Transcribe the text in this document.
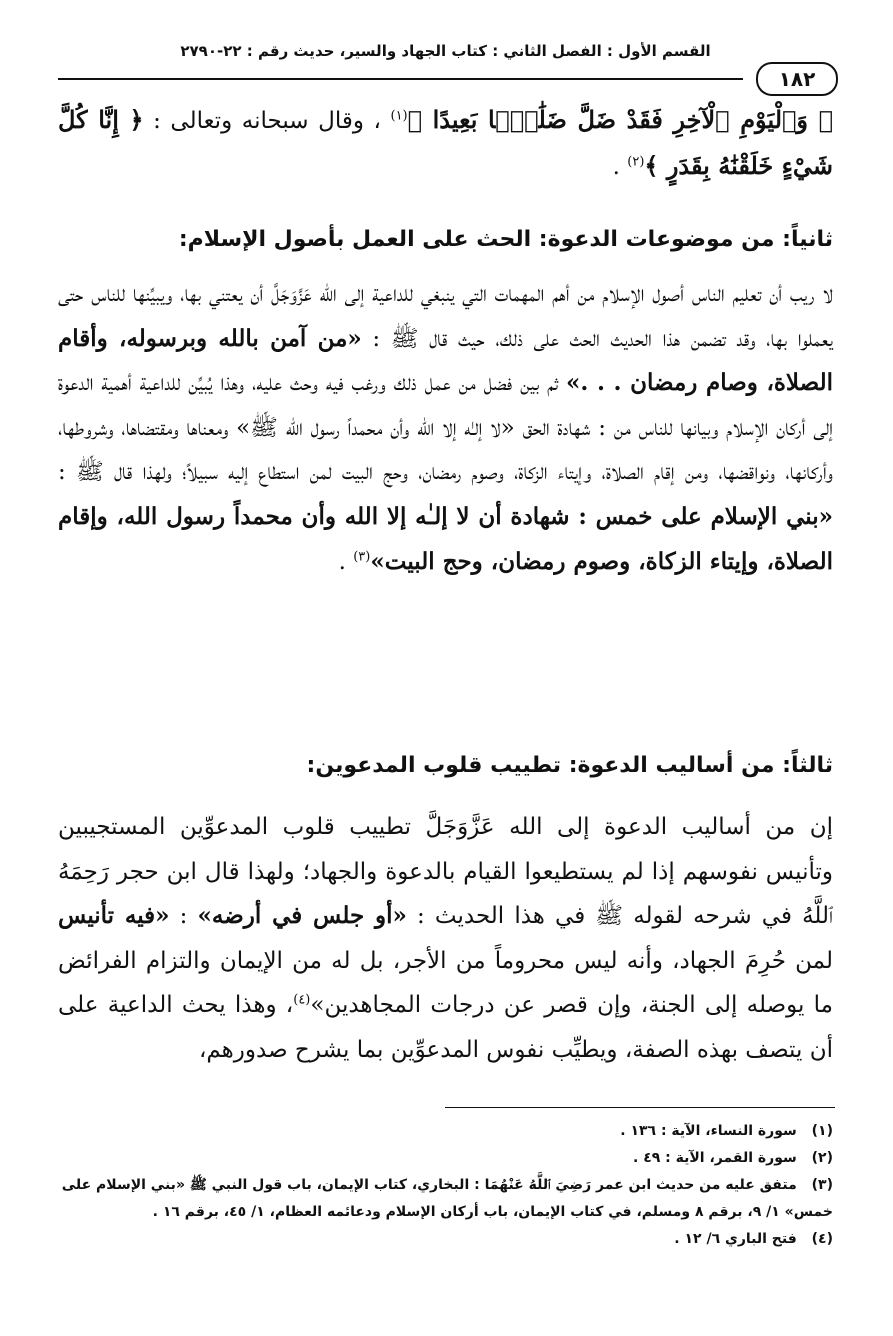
القسم الأول : الفصل الثاني : كتاب الجهاد والسير، حديث رقم : ٢٢-٢٧٩٠
١٨٢

﴿ وَٱلْيَوْمِ ٱلْآخِرِ فَقَدْ ضَلَّ ضَلَٰلًۢا بَعِيدًا ﴾$^{(١)}$ ، وقال سبحانه وتعالى : ﴿ إِنَّا كُلَّ شَيْءٍ خَلَقْنَٰهُ بِقَدَرٍ ﴾$^{(٢)}$ .

ثانياً: من موضوعات الدعوة: الحث على العمل بأصول الإسلام:

لا ريب أن تعليم الناس أصول الإسلام من أهم المهمات التي ينبغي للداعية إلى الله عَزَّوَجَلَّ أن يعتني بها، ويبيِّنها للناس حتى يعملوا بها، وقد تضمن هذا الحديث الحث على ذلك، حيث قال ﷺ : «من آمن بالله وبرسوله، وأقام الصلاة، وصام رمضان . . .» ثم بين فضل من عمل ذلك ورغب فيه وحث عليه، وهذا يُبيِّن للداعية أهمية الدعوة إلى أركان الإسلام وبيانها للناس من : شهادة الحق «لا إلـٰه إلا الله وأن محمداً رسول الله ﷺ» ومعناها ومقتضاها، وشروطها، وأركانها، ونواقضها، ومن إقام الصلاة، وإيتاء الزكاة، وصوم رمضان، وحج البيت لمن استطاع إليه سبيلاً؛ ولهذا قال ﷺ : «بني الإسلام على خمس : شهادة أن لا إلـٰه إلا الله وأن محمداً رسول الله، وإقام الصلاة، وإيتاء الزكاة، وصوم رمضان، وحج البيت»$^{(٣)}$ .

ثالثاً: من أساليب الدعوة: تطييب قلوب المدعوين:

إن من أساليب الدعوة إلى الله عَزَّوَجَلَّ تطييب قلوب المدعوِّين المستجيبين وتأنيس نفوسهم إذا لم يستطيعوا القيام بالدعوة والجهاد؛ ولهذا قال ابن حجر رَحِمَهُ ٱللَّهُ في شرحه لقوله ﷺ في هذا الحديث : «أو جلس في أرضه» : «فيه تأنيس لمن حُرِمَ الجهاد، وأنه ليس محروماً من الأجر، بل له من الإيمان والتزام الفرائض ما يوصله إلى الجنة، وإن قصر عن درجات المجاهدين»$^{(٤)}$، وهذا يحث الداعية على أن يتصف بهذه الصفة، ويطيِّب نفوس المدعوِّين بما يشرح صدورهم،

(١) سورة النساء، الآية : ١٣٦ .
(٢) سورة القمر، الآية : ٤٩ .
(٣) متفق عليه من حديث ابن عمر رَضِيَ ٱللَّهُ عَنْهُمَا : البخاري، كتاب الإيمان، باب قول النبي ﷺ «بني الإسلام على خمس» ١/ ٩، برقم ٨ ومسلم، في كتاب الإيمان، باب أركان الإسلام ودعائمه العظام، ١/ ٤٥، برقم ١٦ .
(٤) فتح الباري ٦/ ١٢ .
